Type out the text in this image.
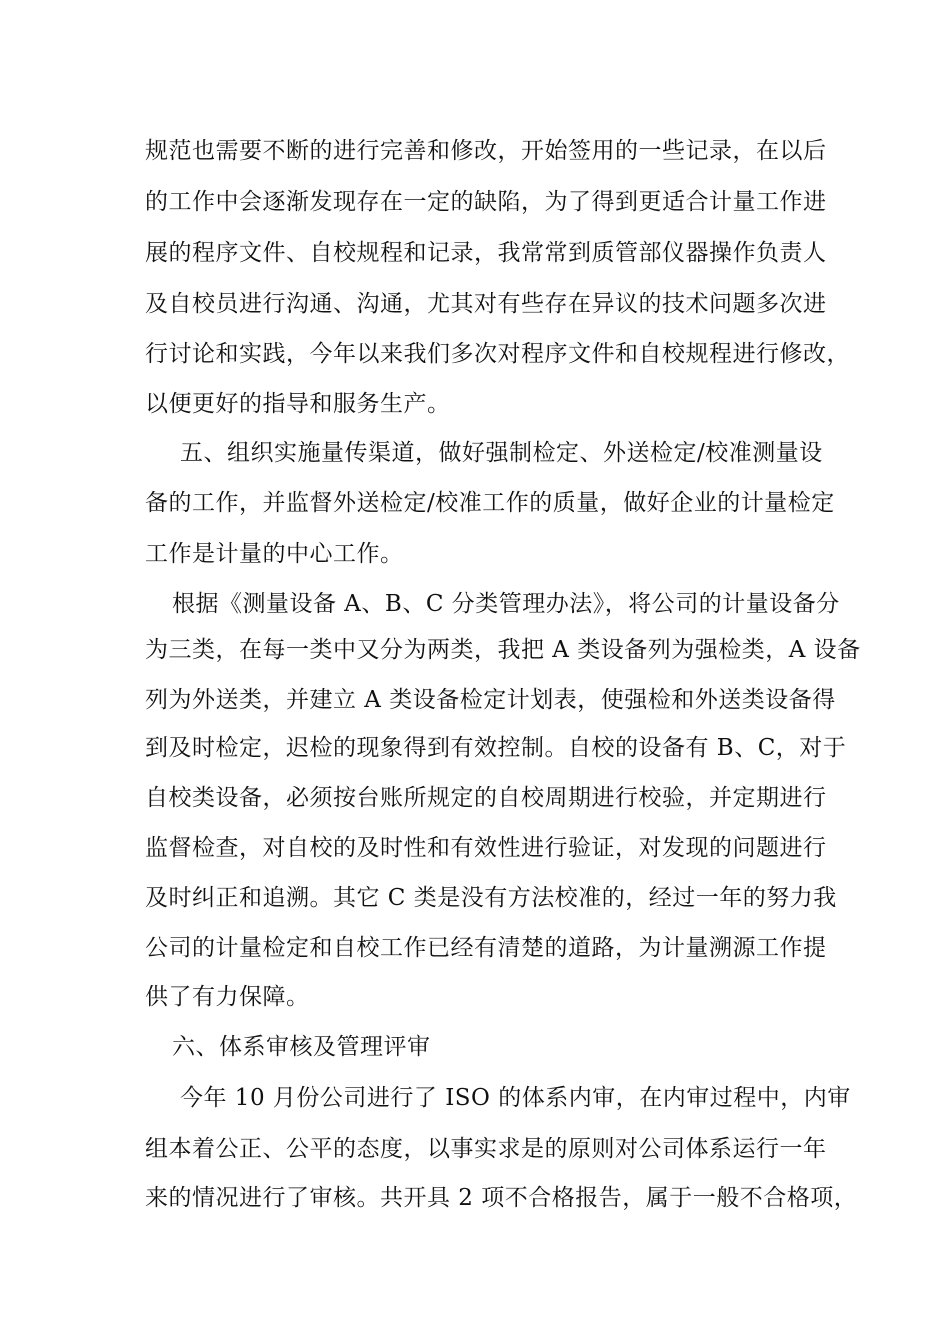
规范也需要不断的进行完善和修改，开始签用的一些记录，在以后
的工作中会逐渐发现存在一定的缺陷，为了得到更适合计量工作进
展的程序文件、自校规程和记录，我常常到质管部仪器操作负责人
及自校员进行沟通、沟通，尤其对有些存在异议的技术问题多次进
行讨论和实践，今年以来我们多次对程序文件和自校规程进行修改，
以便更好的指导和服务生产。
五、组织实施量传渠道，做好强制检定、外送检定/校准测量设
备的工作，并监督外送检定/校准工作的质量，做好企业的计量检定
工作是计量的中心工作。
根据《测量设备 A、B、C 分类管理办法》，将公司的计量设备分
为三类，在每一类中又分为两类，我把 A 类设备列为强检类，A 设备
列为外送类，并建立 A 类设备检定计划表，使强检和外送类设备得
到及时检定，迟检的现象得到有效控制。自校的设备有 B、C，对于
自校类设备，必须按台账所规定的自校周期进行校验，并定期进行
监督检查，对自校的及时性和有效性进行验证，对发现的问题进行
及时纠正和追溯。其它 C 类是没有方法校准的，经过一年的努力我
公司的计量检定和自校工作已经有清楚的道路，为计量溯源工作提
供了有力保障。
六、体系审核及管理评审
今年 10 月份公司进行了 ISO 的体系内审，在内审过程中，内审
组本着公正、公平的态度，以事实求是的原则对公司体系运行一年
来的情况进行了审核。共开具 2 项不合格报告，属于一般不合格项，
